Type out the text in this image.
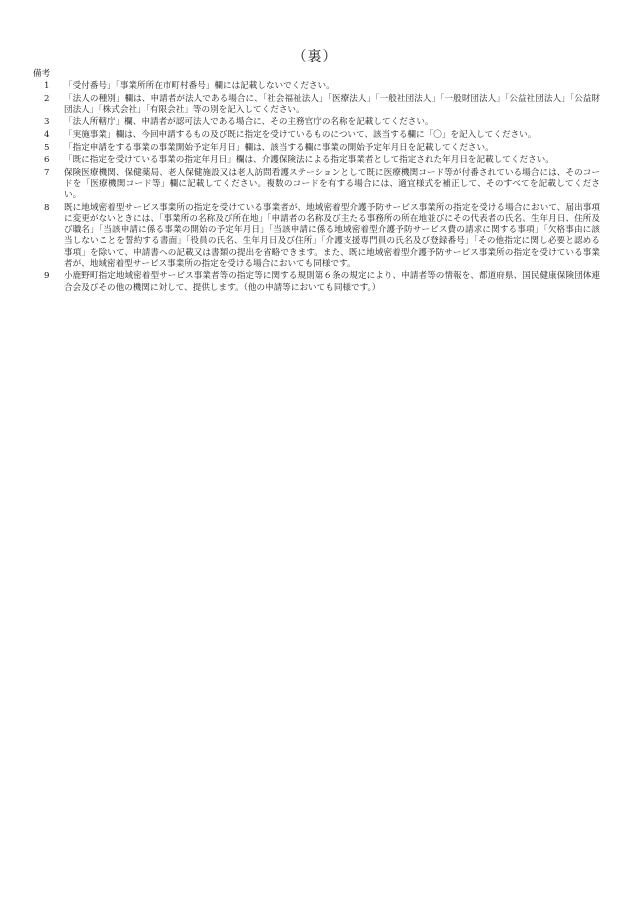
（裏）
備考
1	「受付番号」「事業所所在市町村番号」欄には記載しないでください。
2	「法人の種別」欄は、申請者が法人である場合に、「社会福祉法人」「医療法人」「一般社団法人」「一般財団法人」「公益社団法人」「公益財団法人」「株式会社」「有限会社」等の別を記入してください。
3	「法人所轄庁」欄、申請者が認可法人である場合に、その主務官庁の名称を記載してください。
4	「実施事業」欄は、今回申請するもの及び既に指定を受けているものについて、該当する欄に「〇」を記入してください。
5	「指定申請をする事業の事業開始予定年月日」欄は、該当する欄に事業の開始予定年月日を記載してください。
6	「既に指定を受けている事業の指定年月日」欄は、介護保険法による指定事業者として指定された年月日を記載してください。
7	保険医療機関、保健薬局、老人保健施設又は老人訪問看護ステーションとして既に医療機関コード等が付番されている場合には、そのコードを「医療機関コード等」欄に記載してください。複数のコードを有する場合には、適宜様式を補正して、そのすべてを記載してください。
8	既に地域密着型サービス事業所の指定を受けている事業者が、地域密着型介護予防サービス事業所の指定を受ける場合において、届出事項に変更がないときには、「事業所の名称及び所在地」「申請者の名称及び主たる事務所の所在地並びにその代表者の氏名、生年月日、住所及び職名」「当該申請に係る事業の開始の予定年月日」「当該申請に係る地域密着型介護予防サービス費の請求に関する事項」「欠格事由に該当しないことを誓約する書面」「役員の氏名、生年月日及び住所」「介護支援専門員の氏名及び登録番号」「その他指定に関し必要と認める事項」を除いて、申請書への記載又は書類の提出を省略できます。また、既に地域密着型介護予防サービス事業所の指定を受けている事業者が、地域密着型サービス事業所の指定を受ける場合においても同様です。
9	小鹿野町指定地域密着型サービス事業者等の指定等に関する規則第６条の規定により、申請者等の情報を、都道府県、国民健康保険団体連合会及びその他の機関に対して、提供します。（他の申請等においても同様です。）
